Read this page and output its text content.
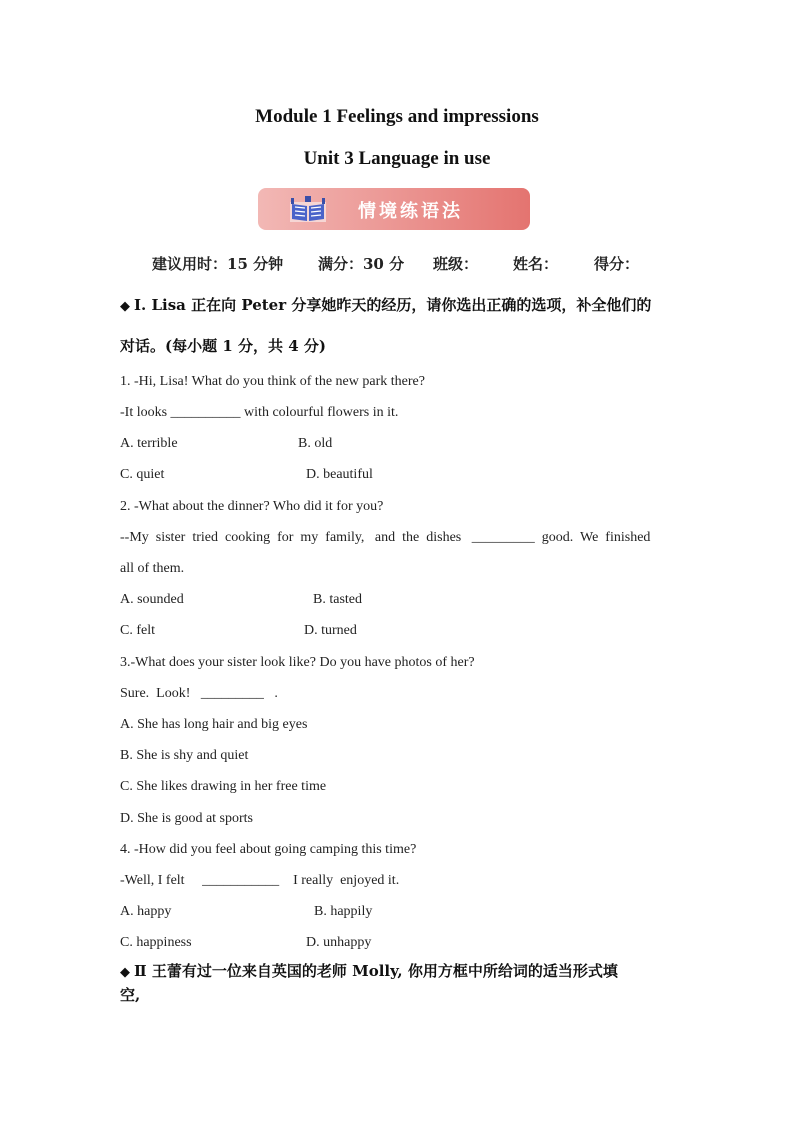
Module 1 Feelings and impressions
Unit 3 Language in use
情境练语法
建议用时：15 分钟 满分：30 分 班级： 姓名： 得分：
◆ I. Lisa 正在向 Peter 分享她昨天的经历，请你选出正确的选项，补全他们的
对话。(每小题 1 分，共 4 分)
1. -Hi, Lisa! What do you think of the new park there?
-It looks __________ with colourful flowers in it.
A. terrible	B. old
C. quiet	D. beautiful
2. -What about the dinner? Who did it for you?
--My  sister  tried  cooking  for  my  family,   and  the  dishes   _________  good.  We  finished
all of them.
A. sounded	B. tasted
C. felt	D. turned
3.-What does your sister look like? Do you have photos of her?
Sure.  Look!   _________   .
A. She has long hair and big eyes
B. She is shy and quiet
C. She likes drawing in her free time
D. She is good at sports
4. -How did you feel about going camping this time?
-Well, I felt     ___________    I really  enjoyed it.
A. happy	B. happily
C. happiness	D. unhappy
◆ Ⅱ 王蕾有过一位来自英国的老师 Molly, 你用方框中所给词的适当形式填
空,
